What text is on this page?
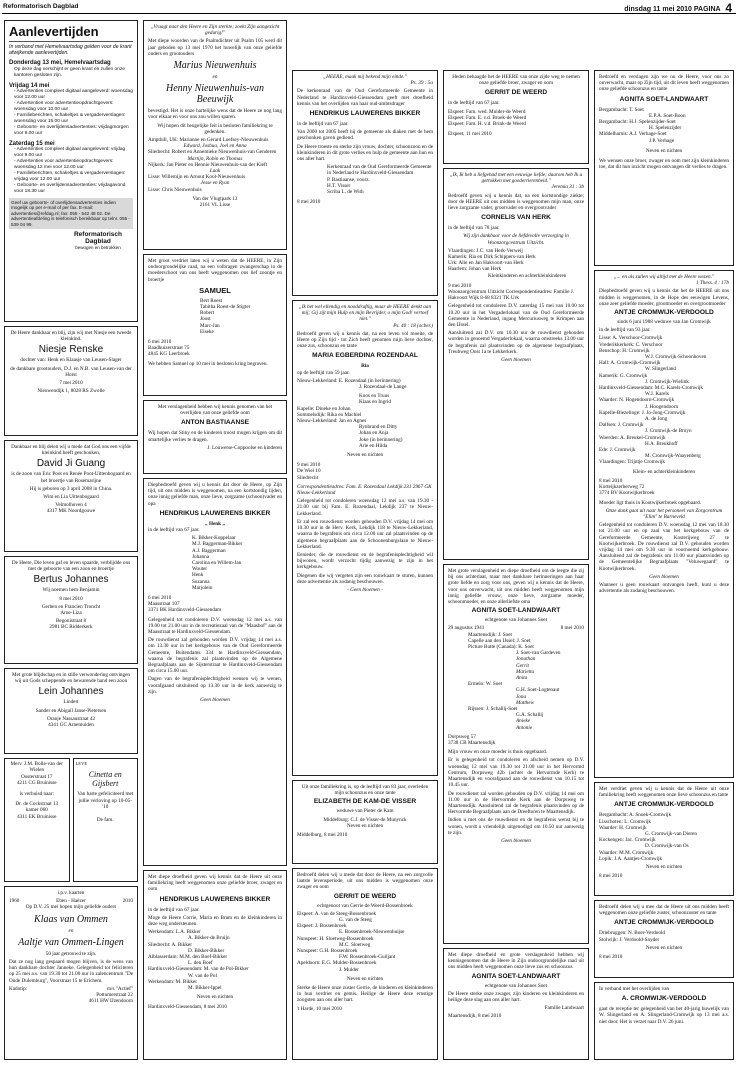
Reformatorisch Dagblad	dinsdag 11 mei 2010 PAGINA 4
Aanlevertijden

In verband met Hemelvaartsdag gelden voor de krant afwijkende aanlevertijden.

Donderdag 13 mei, Hemelvaartsdag
Op deze dag verschijnt er geen krant en zullen onze kantoren gesloten zijn.
Vrijdag 14 mei
- Advertenties compleet digitaal aangeleverd: woensdag voor 12.00 uur
- Advertenties voor advertentieopdrachtgevers: woensdag voor 10.00 uur
- Familieberichten, schakeltjes & vergaderverslagen: woensdag voor 15.00 uur
- Geboorte- en overlijdensadvertenties: vrijdagmorgen voor 9.00 uur
Zaterdag 15 mei
- Advertenties compleet digitaal aangeleverd: vrijdag voor 9.00 uur
- Advertenties voor advertentieopdrachtgevers: woensdag 12 mei voor 12.00 uur
- Familieberichten, schakeltjes & vergaderverslagen: vrijdag voor 12.00 uur
- Geboorte- en overlijdensadvertenties: vrijdagavond voor 18.30 uur
Geef uw geboorte- of overlijdensadvertenties indien mogelijk op per e-mail of per fax. E-mail: advertenties@refdag.nl; fax: 055 - 542 48 02. De advertentieafdeling is telefonisch bereikbaar op telnr. 055 - 539 04 99.
Reformatorisch Dagblad
bewogen en betrokken

De Heere dankbaar en blij, zijn wij met Niesje een tweede kleinkind.

Niesje Renske

dochter van: Henk en Klaasje van Leusen-Slager

de dankbare grootouders, D.J. en N.B. van Leusen-van der Horst

7 mei 2010

Nieuwendijk 1, 8028 RS Zwolle

Dankbaar en blij delen wij u mede dat God ons een vijfde kleinkind heeft geschonken,

David Ji Guang

is de zoon van Eric Poot en Renée Poot-Uittenbogaard en het broertje van Rosemarijne

Hij is geboren op 3 april 2008 in China.

Wim en Lia Uittenbogaard

Velmolhoven 4

4317 MK Noordgouwe

De Heere, Die leven gaf en leven spaarde, verblijdde ons met de geboorte van een zoon en broertje

Bertus Johannes

Wij noemen hem Benjamin

8 mei 2010

Gerben en Francien Troncht

Arne-Liza

Begonistraat 8

2981 BC Ridderkerk

Met grote blijdschap en in stille verwondering ontvingen wij uit Gods scheppende en bewarende hand een zoon

Lein Johannes

Lindert

Sander en Abigail Janse-Pietersen

Oranje Nassaustraat 42

4341 GC Arnemuiden

Merv. J.M. Bolle-van der Wielen
Oosterstraat 17
4211 CG Bruinisse
is verhuisd naar:
Dr. de Cockstraat 13
kamer 060
4311 EK Bruinisse
LEVE
Cinetta en Gijsbert
Van harte gefeliciteerd met jullie verloving op 10-05-'10
De fam.

i.p.v. kaarten

1960	Eben - Haëzer	2010

Op D.V. 25 mei hopen mijn geliefde ouders

Klaas van Ommen
en
Aaltje van Ommen-Lingen

50 jaar getrouwd te zijn.

Dat ze nog lang gespaard mogen blijven, is de wens van hun dankbare dochter Janneke. Gelegenheid tot feliciteren op 25 mei a.s. van 19.30 tot 21.00 uur in zalencentrum "De Oude Dulemburg", Voorstraat 15 te Erichem.

Kadotip:	m/s "Actief"
Pottumerstraat 22
4611 HW IJzendoorn

„Vraagt naar den Heere en Zijn sterkte; zoekt Zijn aangezicht gedurig!"

Met diepe woorden van de Psalmdichter uit Psalm 105 werd dit jaar geboden op 13 mei 1970 het huwelijk van onze geliefde ouders en grootouders

Marius Nieuwenhuis
en
Henny Nieuwenhuis-van Beeuwijk

bevestigd. Het is onze hartelijke wens dat de Heere ze nog lang voor elkaar en voor ons zou willen sparen.

Wij hopen dit heugelijke feit in besloten familiekring te gedenken.

Ampthill, UK: Marianne en Gerard Loefsey-Nieuwenhuis
Edward, Joshua, Joel en Anna
Sliedrecht: Robert en Annemieke Nieuwenhuis-van Genderen
Martijn, Robin en Thomas
Nijkerk: Jan Pieter en Hennie Nieuwenhuis-van der Kieft
Laak
Lisse: Willemijn en Arnout Kool-Nieuwenhuis
Jesse en Ryan
Lisse: Chris Nieuwenhuis
Van der Vlugtpark 13
2161 VL Lisse

Met groot verdriet laten wij u weten dat de HEERE, in Zijn ondoorgrondelijke raad, na een volbragen zwangerschap in de moederschoot van ons heeft weggenomen ons lief zoontje en broertje

SAMUEL
Bert Roest
Tabitha Roest-de Stigter
Robert
Joost
Marc-Jan
Eiseke
6 mei 2010
Baadhuizerstraat 75
4845 KG Leerbroek

We hebben Samuel op 10 mei in besloten kring begraven.

Met verslagenheid hebben wij kennis genomen van het overlijden van onze geliefde oom

ANTON BASTIAANSE

Wij hopen dat Stiny en de kinderen troost mogen krijgen om dit smartelijke verlies te dragen.

J. Louwerse-Coppoolse en kinderen

Diepbedroefd geven wij u kennis dat door de Heere, op Zijn tijd, uit ons midden is weggenomen, na een kortstondig lijden, onze innig geliefde man, onze lieve, zorgzame (schoon)vader en opa

HENDRIKUS LAUWERENS BIKKER
„ Henk „

in de leeftijd van 67 jaar.

K. Bikker-Koppelaar
M.J. Baggerman-Bikker
A.J. Baggerman
Johanna
Carolina en Willem-Jan
Wouter
Henk
Suzanna
Marjolein
6 mei 2010
Maasstraat 107
3371 BK Hardinxveld-Giessendam

Gelegenheid tot condoleren D.V. woensdag 12 mei a.s. van 19.00 tot 21.00 uur in de recreatiezaal van de "Maashof" aan de Maasstraat te Hardinxveld-Giessendam.

De rouwdienst zal gehouden worden D.V. vrijdag 14 mei a.s. om 13.30 uur in het kerkgebouw van de Oud Gereformeerde Gemeente, Buitendams 334 te Hardinxveld-Giessendam, waarna de begrafenis zal plaatsvinden op de Algemene Begraafplaats aan de Sijsterstraat te Hardinxveld-Giessendam om circa 15.00 uur.

Dagen van de begrafenisplechtigheid wensen wij te wenen, voorafgaand uitsluitend op 13.30 uur in de kerk aanwezig te zijn.

Geen bloemen

Met diepe droefheid geven wij kennis dat de Heere uit onze familiekring heeft weggenomen onze geliefde broer, zwager en oom

HENDRIKUS LAUWERENS BIKKER

in de leeftijd van 67 jaar.

Moge de Heere Corrie, Maria en Bram en de kleinkinderen in deze weg ondersteunen.

Werkendam: L.A. Bikker
A. Bikker-de Bruijn
Sliedrecht: A. Bikker
D. Bikker-Bikker
Alblasserdam: M.M. den Boef-Bikker
L. den Boef
Hardinxveld-Giessendam: M. van de Pol-Bikker
W. van de Pol
Werkendam: M. Bikker
M. Bikker-Ippel
Neven en nichten

Hardinxveld-Giessendam, 8 mei 2010

„HEERE, maak mij bekend mijn einde."

Ps. 39 : 5a

De kerkenraad van de Oud Gereformeerde Gemeente in Nederland te Hardinxveld-Giessendam geeft met droefheid kennis van het overlijden van haar oud-ambtsdrager

HENDRIKUS LAUWERENS BIKKER

in de leeftijd van 67 jaar.

Van 2000 tot 2005 heeft hij de gemeente als diaken met de hem geschonken gaven gediend.

De Heere troeste en sterke zijn vrouw, dochter, schoonzoon en de kleinkinderen in dit grote verlies en hulp de gemeente aan hun en ons aller hart.

Kerkenraad van de Oud Gereformeerde Gemeente in Nederland te Hardinxveld-Giessendam
P. Bastiaanse, voorz.
H.T. Visser
Scriba L. de With

8 mei 2010

„Ik bet wel ellendig en nooddruftig, maar de HEERE denkt aan mij; Gij zijt mijn Hulp en mijn Bevrijder, o mijn God! vertoef niet."

Ps. 40 : 18 (ocber.)

Bedroefd geven wij u kennis dat, na een leven vol moeite, de Heere op Zijn tijd - tot Zich heeft genomen mijn lieve dochter, onze zus, schoonzus en tante

MARIA EGBERDINA ROZENDAAL
Ria

op de leeftijd van 59 jaar.

Nieuw-Lekkerland: E. Rozendaal (in herinnering)
J. Rozendaal-de Lange
Koos en Truus
Klaas en Ingrid
Kapelle: Dineke en Johan
Sommelsdijk: Rika en Machiel
Nieuw-Lekkerland: Jan en Agnes
Rynbrand en Ditty
Johan en Anja
Joke (in herinnering)
Arie en Hilda
Neven en nichten
9 mei 2010
De Wiel 10
Sliedrecht

Correspondentieadres: Fam. E. Rozendaal Lekdijk 231 2967 GK Nieuw-Lekkerland

Gelegenheid tot condoleren woensdag 12 mei a.s. van 19.30 - 21.00 uur bij Fam. E. Rozendaal, Lekdijk 237 te Nieuw-Lekkerland.

Er zal een rouwdienst worden gehouden D.V. vrijdag 14 mei om 10.30 uur in de Herv. Kerk, Lekdijk 118 te Nieuw-Lekkerland, waarna de begrafenis om circa 12.00 uur zal plaatsvinden op de algemene begraafplaats aan de Schoonenburgslaan te Nieuw-Lekkerland.

Eenieder, die de rouwdienst en de begrafenisplechtigheid wil bijwonen, wordt verzocht tijdig aanwezig te zijn in het kerkgebouw.

Diegenen die wij vergeten zijn een rouwkaart te sturen, kunnen deze advertentie als zodanig beschouwen.

- Geen bloemen -

Uit onze familiekring is, op de leeftijd van 83 jaar, overleden mijn schoonzus en onze tante

ELIZABETH DE KAM-DE VISSER

weduwe van Pieter de Kam

Middelburg: C.J. de Visser-de Munynck
Neven en nichten

Middelburg, 8 mei 2010

Bedroefd delen wij u mede dat door de Heere, na een zorgvolle laatste levensperiode, uit ons midden is weggenomen onze zwager en oom

GERRIT DE WEERD

echtgenoot van Gerrie de Weerd-Bossenbroek

Elspeet: A. van de Steeg-Bossenbroek
G. van de Steeg
Elspeet: J. Bossenbroek
E. Bossenbroek-Nieuwenhuijse
Nunspeet: H. Sloetweg-Bossenbroek
M.C. Sloetweg
Nunspeet: G.H. Bossenbroek
F.W. Bossenbroek-Guiljant
Apeldoorn: E.G. Mulder-Bossenbroek
J. Mulder
Neven en nichten

Sterke de Heere onze zuster Gerrie, de kinderen en kleinkinderen in hun verdriet en gemis. Heilige de Heere deze ernstige zoogsten aan ons aller hart.

't Harde, 10 mei 2010

Heden behaagde het de HEERE van onze zijde weg te nemen onze geliefde broer, zwager en oom

GERRIT DE WEERD

in de leeftijd van 67 jaar.

Elspeet: Fam. wed. Mulder-de Weerd
Elspeet: Fam. E. v.d. Broek-de Weerd
Elspeet: Fam. H. v.d. Brink-de Weerd

Elspeet, 11 mei 2010

„Ik, Ik heb u liefgehad met een eeuwige liefde; daarom heb Ik u getrokken met goedertierenheid."

Jeremia 31 : 3b

Bedroefd geven wij u kennis dat, na een kortstondige ziekte; door de HEERE uit ons midden is weggenomen mijn man, onze lieve zorgzame vader, grootvader en overgrootvader

CORNELIS VAN HERK

in de leeftijd van 78 jaar.

Wij zijn dankbaar voor de liefdevolle verzorging in Woonzorgcentrum Uitzicht.

Vlaardingen: J.C. van Herk-Verweij
Kamerik: Ria en Dirk Schippers-van Herk
Urk: Alie en Jan Hakvoort-van Herk
Haarlem: Johan van Herk
Kleinkinderen en achterkleinkinderen
9 mei 2010

Woonzorgcentrum Uitzicht Correspondentieadres: Familie J. Hakvoort Wijk 8-68 8321 TK Urk

Gelegenheid tot condoleren D.V. zaterdag 15 mei van 10.00 tot 10.20 uur in het Vergaderlokaal van de Oud Gereformeerde Gemeente in Nederland, ingang Mercuriusweg te Krimpen aan den IJssel.

Aansluitend zal D.V. om 10.30 uur de rouwdienst gehouden worden in genoemd Vergaderlokaal, waarna omstreeks 13.00 uur de begrafenis zal plaatsvinden op de algemene begraafplaats, Treubweg Oost 1a te Lekkerkerk.

Geen bloemen

Met grote verslagenheid en diepe droefheid om de leegte die zij bij ons achterlaat, maar met dankbare herinneringen aan haar grote liefde en zorg voor ons, geven wij u kennis dat de Heere, voor ons onverwacht, uit ons midden heeft weggenomen mijn innig geliefde vrouw, onze lieve, zorgzame moeder, schoonmoeder, en onze allerliefste oma

AGNITA SOET-LANDWAART

echtgenote van Johannes Soet

29 augustus 1941	8 mei 2010
Maartensdijk: J. Soet
Capelle aan den IJssel: J. Soet
Picture Butte (Canada): K. Soet
J. Soet-van Gardeven
Jonathan
Gerrit
Marietta
Anita
Ermelo: W. Soet
G.H. Soet-Logtenaut
Jona
Matthew
Rijssen: J. Schallij-Soet
G.A. Schallij
Anieke
Antonie
Dorpsweg 57
3738 CB Maartensdijk

Mijn vrouw en onze moeder is thuis opgebaard.

Er is gelegenheid tot condoleren en afscheid nemen op D.V. woensdag 12 mei van 19.30 tot 21.00 uur in het Hervormd Centrum, Dorpsweg 42b (achter de Hervormde Kerk) te Maartensdijk en voorafgaand aan de rouwdienst van 10.15 tot 10.45 uur.

De rouwdienst zal worden gehouden op D.V. vrijdag 14 mei om 11.00 uur in de Hervormde Kerk aan de Dorpsweg te Maartensdijk. Aansluitend zal de begrafenis plaatsvinden op de Hervormde Begraafplaats aan de Dreeftoren te Maartensdijk.

Indien u met ons de rouwdienst en de begrafenis wenst bij te wonen, wordt u vriendelijk uitgenodigd om 10.50 uur aanwezig te zijn.

Geen bloemen

Met diepe droefheid en grote verslagenheid hebben wij kennisgenomen dat de Heere in Zijn ondoorgrondelijke raad uit ons midden heeft weggenomen onze lieve zus en schoonzus

AGNITA SOET-LANDWAART

echtgenote van Johannes Soet

De Heere sterke onze zwager, zijn kinderen en kleinkinderen en heilige deze slag aan ons aller hart.

Familie Landwaart

Maartensdijk, 8 mei 2010

Bedroefd en verslagen zijn we nu de Heere, voor ons zo onverwacht, maar op Zijn tijd, uit dit leven heeft weggenomen onze geliefde schoonzus en tante

AGNITA SOET-LANDWAART
Bergambacht: T. Soet
E.P.A. Soet-Boon
Bergambacht: H.J. Spelenzijder-Soet
H. Spelenzijder
Middelharnis: A.J. Verhage-Soet
J.P. Verhage
Neven en nichten

We wensen onze broer, zwager en oom met zijn kleinkinderen toe, dat dit hun inzicht mogen ontvangen dit verlies te dragen.

„... en als zullen wij altijd met de Heere wezen."

1 Thess. 4 : 17b

Diepbedroefd geven wij u kennis dat het de HEERE uit ons midden is weggenomen, in de Hope des eeuwigen Levens, onze zeer geliefde moeder, grootmoeder en overgrootmoeder

ANTJE CROMWIJK-VERDOOLD

sinds 6 juni 1988 weduwe van Jan Cromwijk

in de leeftijd van 93 jaar.

Lisse: A. Verschoor-Cromwijk
Vrederikkerkerk: C. Verschoor
Benschop: H. Cromwijk
W.J. Cromwijk-Schoonhoven
Hall: A. Cromwijk-Cromwijk
W. Slingerland
Kamerik: G. Cromwijk
J. Cromwijk-Wielink
Hardinxveld-Giessendam: M.C. Karels-Cromwijk
W.J. Karels
Waarder: N. Hogendoorn-Cromwijk
J. Hoogendoorn
Kapelle-Biezelinge: J. Jo-Jong-Cromwijk
A. de Jong
Dalfsen: J. Cromwijk
J. Cromwijk-de Bruyn
Woerden: A. Breukel-Cromwijk
H.A. Breukhoff
Ede: J. Cromwijk
M. Cromwijk-Waayenberg
Vlaardingen: Trijntje Cromwijk
Klein- en achterkleinkinderen
8 mei 2010
Korteijkzerberweg 72
3774 BV Kootwijkerbroek

Moeder ligt thuis in Kootwijkerbroek opgebaard.

Onze dank gaat uit naar het personeel van Zorgcentrum "Elim" te Barneveld

Gelegenheid tot condoleren D.V. woensdag 12 mei van 18.30 tot 21.00 uur en op zaal van het kerkgebouw van de Gereformeerde Gemeente, Kosterijweg 27 te Kootwijkerbroek. De rouwdienst zal D.V. gehouden worden vrijdag 14 mei om 9.30 uur in voornoemd kerkgebouw. Aansluitend zal de begrafenis om 11.00 uur plaatsvinden op de Gemeentelijke Begraafplaats "Veluwegaard" te Kootwijkerbroek.

Geen bloemen

Wanneer u geen rouwkaart ontvangen heeft, kunt u deze advertentie als zodanig beschouwen.

Met verdriet geven wij u kennis dat de Heere uit onze familiekring heeft weggenomen onze lieve schoonzus en tante

ANTJE CROMWIJK-VERDOOLD
Bergambacht: A. Snoek-Cromwijk
Lisschoten: L. Cromwijk
Waarder: H. Cromwijk
G. Cromwijk-van Dieren
Kockengen: Jac. Cromwijk
D. Cromwijk-van Os
Waarder: M.M. Cromwijk
Lopik: J.A. Aantjes-Cromwijk
Neven en nichten

8 mei 2010

Bedroefd delen wij u mee dat de Heere uit ons midden heeft weggenomen onze geliefde zuster, schoonzuster en tante

ANTJE CROMWIJK-VERDOOLD
Driebruggen: N. Boer-Verdoold
Stolwijk: J. Verdoold-Snyder
Neven en nichten

8 mei 2010

In verband met het overlijden van

A. CROMWIJK-VERDOOLD

gaat de receptie ter gelegenheid van het 40-jarig huwelijk van W. Slingerland en A. Slingerland-Cromwijk op 13 mei a.s. niet door. Het is verzet naar D.V. 26 juni.
